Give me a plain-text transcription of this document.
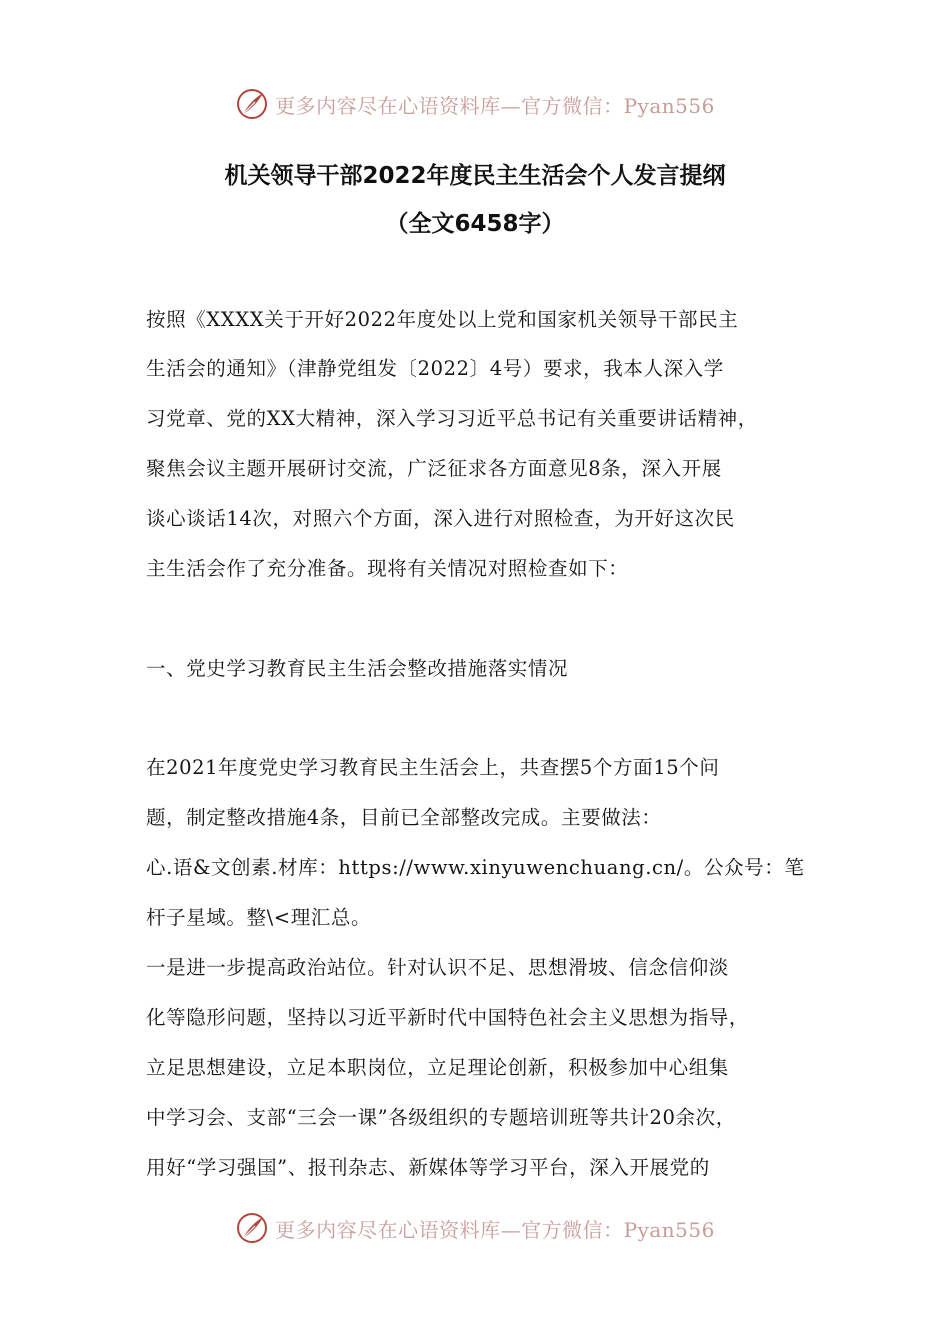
更多内容尽在心语资料库—官方微信：Pyan556
机关领导干部2022年度民主生活会个人发言提纲
（全文6458字）
按照《XXXX关于开好2022年度处以上党和国家机关领导干部民主
生活会的通知》（津静党组发〔2022〕4号）要求，我本人深入学
习党章、党的XX大精神，深入学习习近平总书记有关重要讲话精神，
聚焦会议主题开展研讨交流，广泛征求各方面意见8条，深入开展
谈心谈话14次，对照六个方面，深入进行对照检查，为开好这次民
主生活会作了充分准备。现将有关情况对照检查如下：
一、党史学习教育民主生活会整改措施落实情况
在2021年度党史学习教育民主生活会上，共查摆5个方面15个问
题，制定整改措施4条，目前已全部整改完成。主要做法：
心.语&文创素.材库：https://www.xinyuwenchuang.cn/。公众号：笔
杆子星域。整\<理汇总。
一是进一步提高政治站位。针对认识不足、思想滑坡、信念信仰淡
化等隐形问题，坚持以习近平新时代中国特色社会主义思想为指导，
立足思想建设，立足本职岗位，立足理论创新，积极参加中心组集
中学习会、支部“三会一课”各级组织的专题培训班等共计20余次，
用好“学习强国”、报刊杂志、新媒体等学习平台，深入开展党的
更多内容尽在心语资料库—官方微信：Pyan556
